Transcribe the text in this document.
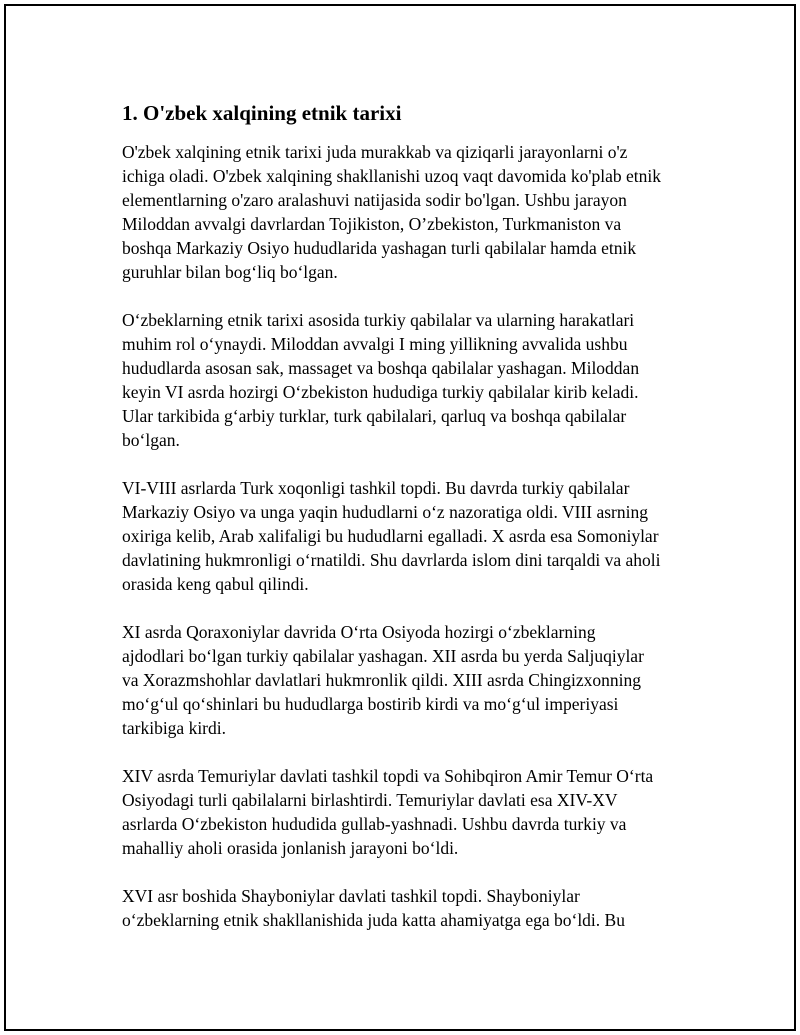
1. O'zbek xalqining etnik tarixi

O'zbek xalqining etnik tarixi juda murakkab va qiziqarli jarayonlarni o'z
ichiga oladi. O'zbek xalqining shakllanishi uzoq vaqt davomida ko'plab etnik
elementlarning o'zaro aralashuvi natijasida sodir bo'lgan. Ushbu jarayon
Miloddan avvalgi davrlardan Tojikiston, O’zbekiston, Turkmaniston va
boshqa Markaziy Osiyo hududlarida yashagan turli qabilalar hamda etnik
guruhlar bilan bog‘liq bo‘lgan.

O‘zbeklarning etnik tarixi asosida turkiy qabilalar va ularning harakatlari
muhim rol o‘ynaydi. Miloddan avvalgi I ming yillikning avvalida ushbu
hududlarda asosan sak, massaget va boshqa qabilalar yashagan. Miloddan
keyin VI asrda hozirgi O‘zbekiston hududiga turkiy qabilalar kirib keladi.
Ular tarkibida g‘arbiy turklar, turk qabilalari, qarluq va boshqa qabilalar
bo‘lgan.

VI-VIII asrlarda Turk xoqonligi tashkil topdi. Bu davrda turkiy qabilalar
Markaziy Osiyo va unga yaqin hududlarni o‘z nazoratiga oldi. VIII asrning
oxiriga kelib, Arab xalifaligi bu hududlarni egalladi. X asrda esa Somoniylar
davlatining hukmronligi o‘rnatildi. Shu davrlarda islom dini tarqaldi va aholi
orasida keng qabul qilindi.

XI asrda Qoraxoniylar davrida O‘rta Osiyoda hozirgi o‘zbeklarning
ajdodlari bo‘lgan turkiy qabilalar yashagan. XII asrda bu yerda Saljuqiylar
va Xorazmshohlar davlatlari hukmronlik qildi. XIII asrda Chingizxonning
mo‘g‘ul qo‘shinlari bu hududlarga bostirib kirdi va mo‘g‘ul imperiyasi
tarkibiga kirdi.

XIV asrda Temuriylar davlati tashkil topdi va Sohibqiron Amir Temur O‘rta
Osiyodagi turli qabilalarni birlashtirdi. Temuriylar davlati esa XIV-XV
asrlarda O‘zbekiston hududida gullab-yashnadi. Ushbu davrda turkiy va
mahalliy aholi orasida jonlanish jarayoni bo‘ldi.

XVI asr boshida Shayboniylar davlati tashkil topdi. Shayboniylar
o‘zbeklarning etnik shakllanishida juda katta ahamiyatga ega bo‘ldi. Bu
